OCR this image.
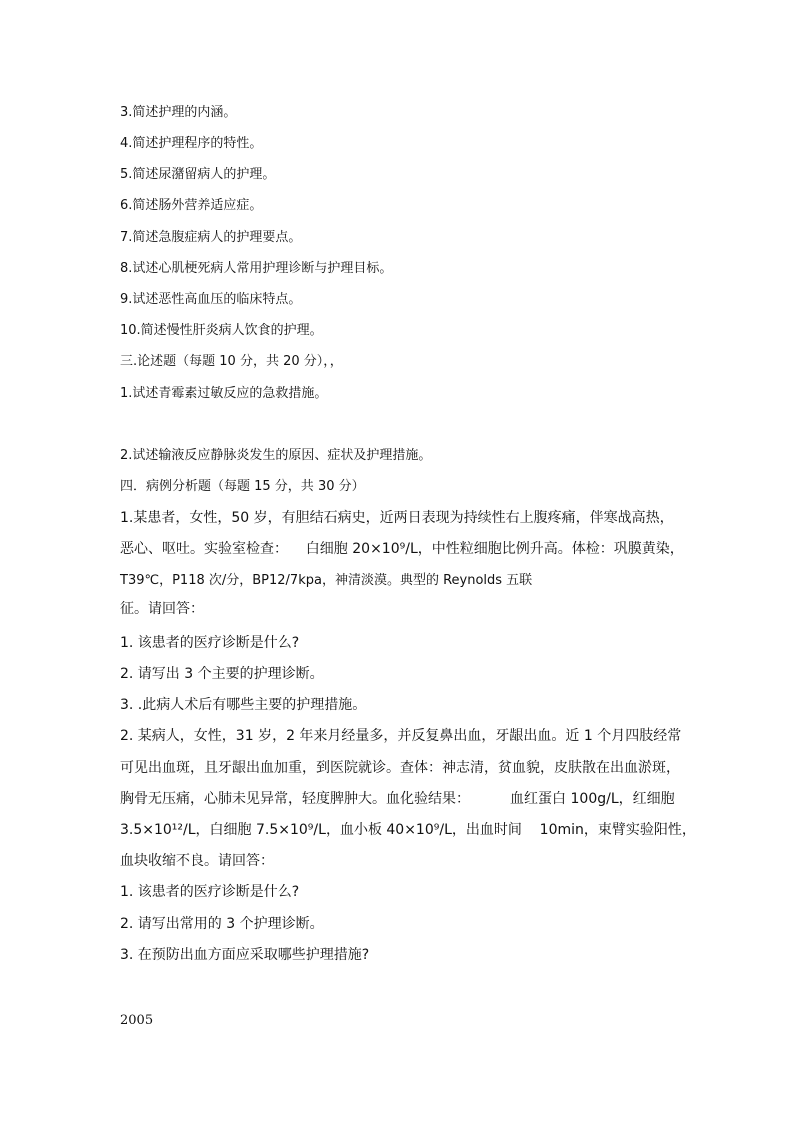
3.简述护理的内涵。
4.简述护理程序的特性。
5.简述尿潴留病人的护理。
6.简述肠外营养适应症。
7.简述急腹症病人的护理要点。
8.试述心肌梗死病人常用护理诊断与护理目标。
9.试述恶性高血压的临床特点。
10.简述慢性肝炎病人饮食的护理。
三.论述题（每题 10 分，共 20 分），，
1.试述青霉素过敏反应的急救措施。
2.试述输液反应静脉炎发生的原因、症状及护理措施。
四．病例分析题（每题 15 分，共 30 分）
1.某患者，女性，50 岁，有胆结石病史，近两日表现为持续性右上腹疼痛，伴寒战高热，
恶心、呕吐。实验室检查：    白细胞 20×10⁹/L，中性粒细胞比例升高。体检：巩膜黄染，
T39℃，P118 次/分，BP12/7kpa，神清淡漠。典型的 Reynolds 五联
征。请回答：
1. 该患者的医疗诊断是什么?
2. 请写出 3 个主要的护理诊断。
3. .此病人术后有哪些主要的护理措施。
2. 某病人，女性，31 岁，2 年来月经量多，并反复鼻出血，牙龈出血。近 1 个月四肢经常
可见出血斑，且牙龈出血加重，到医院就诊。查体：神志清，贫血貌，皮肤散在出血淤斑，
胸骨无压痛，心肺未见异常，轻度脾肿大。血化验结果：         血红蛋白 100g/L，红细胞
3.5×10¹²/L，白细胞 7.5×10⁹/L，血小板 40×10⁹/L，出血时间    10min，束臂实验阳性，
血块收缩不良。请回答：
1. 该患者的医疗诊断是什么?
2. 请写出常用的 3 个护理诊断。
3. 在预防出血方面应采取哪些护理措施?
2005
